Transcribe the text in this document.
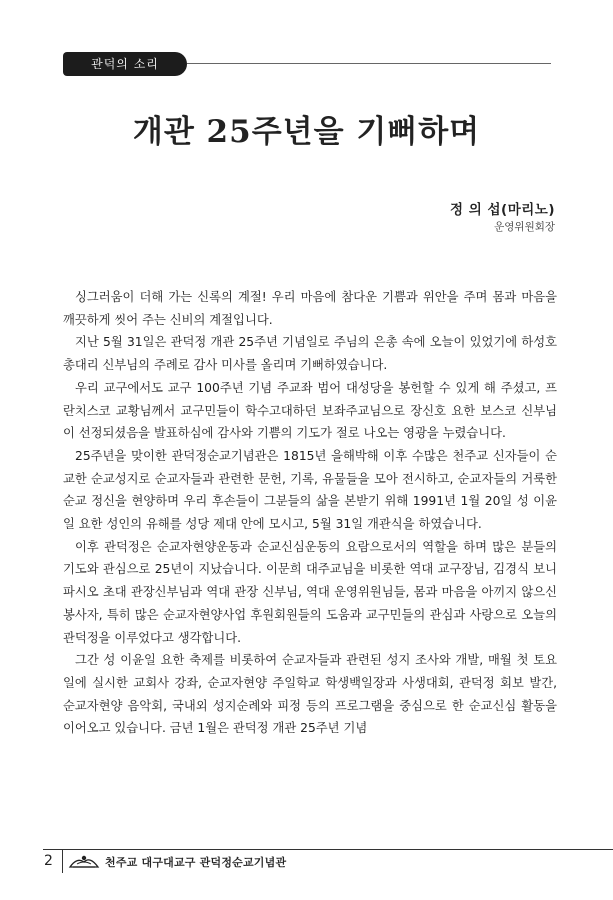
관덕의 소리
개관 25주년을 기뻐하며
정 의 섭(마리노)
운영위원회장

싱그러움이 더해 가는 신록의 계절! 우리 마음에 참다운 기쁨과 위안을 주며 몸과 마음을 깨끗하게 씻어 주는 신비의 계절입니다.

지난 5월 31일은 관덕정 개관 25주년 기념일로 주님의 은총 속에 오늘이 있었기에 하성호 총대리 신부님의 주례로 감사 미사를 올리며 기뻐하였습니다.

우리 교구에서도 교구 100주년 기념 주교좌 범어 대성당을 봉헌할 수 있게 해 주셨고, 프란치스코 교황님께서 교구민들이 학수고대하던 보좌주교님으로 장신호 요한 보스코 신부님이 선정되셨음을 발표하심에 감사와 기쁨의 기도가 절로 나오는 영광을 누렸습니다.

25주년을 맞이한 관덕정순교기념관은 1815년 을해박해 이후 수많은 천주교 신자들이 순교한 순교성지로 순교자들과 관련한 문헌, 기록, 유물들을 모아 전시하고, 순교자들의 거룩한 순교 정신을 현양하며 우리 후손들이 그분들의 삶을 본받기 위해 1991년 1월 20일 성 이윤일 요한 성인의 유해를 성당 제대 안에 모시고, 5월 31일 개관식을 하였습니다.

이후 관덕정은 순교자현양운동과 순교신심운동의 요람으로서의 역할을 하며 많은 분들의 기도와 관심으로 25년이 지났습니다. 이문희 대주교님을 비롯한 역대 교구장님, 김경식 보니파시오 초대 관장신부님과 역대 관장 신부님, 역대 운영위원님들, 몸과 마음을 아끼지 않으신 봉사자, 특히 많은 순교자현양사업 후원회원들의 도움과 교구민들의 관심과 사랑으로 오늘의 관덕정을 이루었다고 생각합니다.

그간 성 이윤일 요한 축제를 비롯하여 순교자들과 관련된 성지 조사와 개발, 매월 첫 토요일에 실시한 교회사 강좌, 순교자현양 주일학교 학생백일장과 사생대회, 관덕정 회보 발간, 순교자현양 음악회, 국내외 성지순례와 피정 등의 프로그램을 중심으로 한 순교신심 활동을 이어오고 있습니다. 금년 1월은 관덕정 개관 25주년 기념

2	천주교 대구대교구 관덕정순교기념관
